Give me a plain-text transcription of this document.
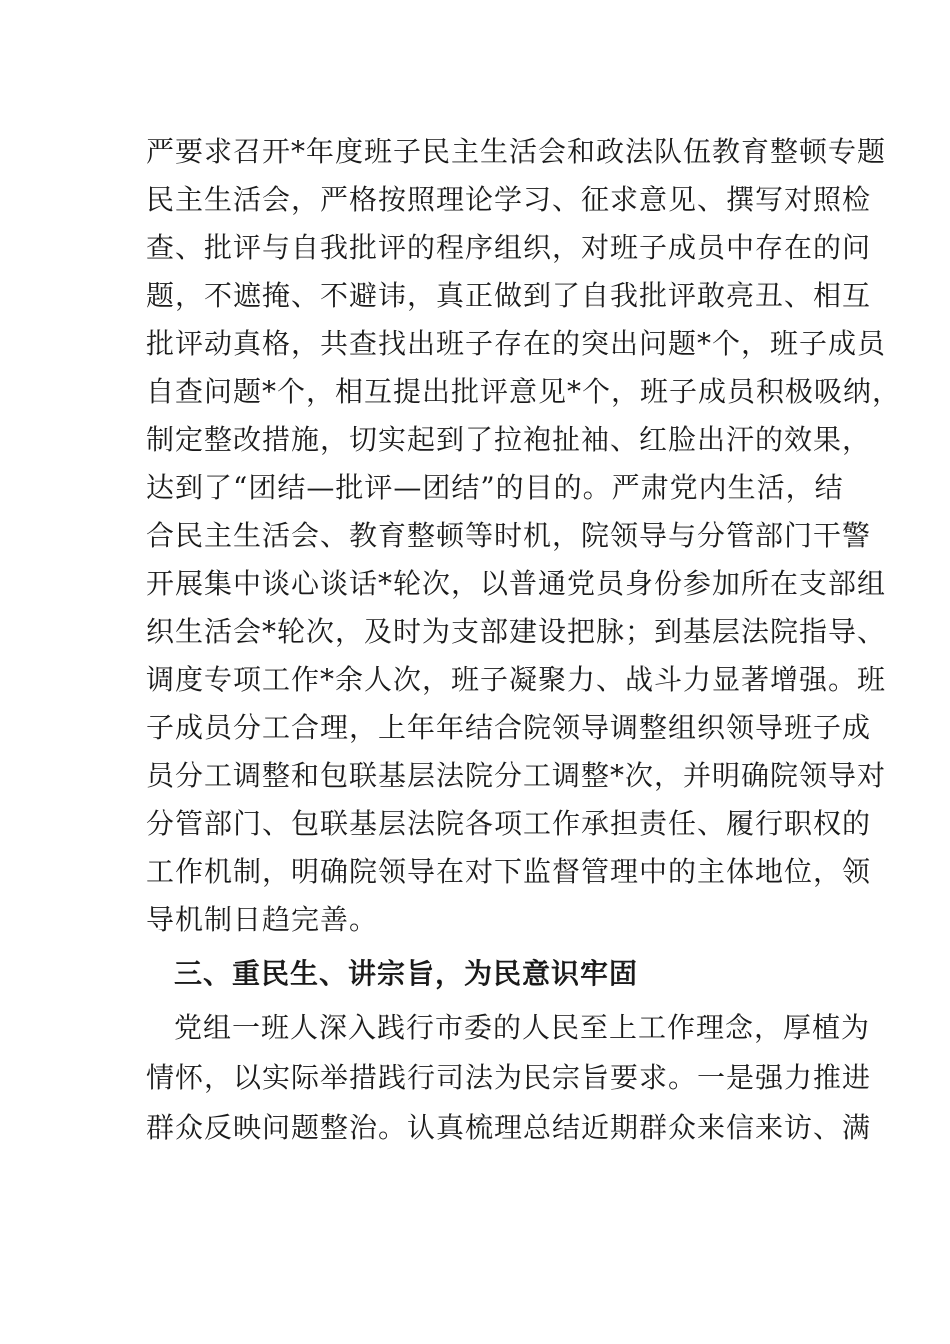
严要求召开*年度班子民主生活会和政法队伍教育整顿专题
民主生活会，严格按照理论学习、征求意见、撰写对照检
查、批评与自我批评的程序组织，对班子成员中存在的问
题，不遮掩、不避讳，真正做到了自我批评敢亮丑、相互
批评动真格，共查找出班子存在的突出问题*个，班子成员
自查问题*个，相互提出批评意见*个，班子成员积极吸纳，
制定整改措施，切实起到了拉袍扯袖、红脸出汗的效果，
达到了“团结—批评—团结”的目的。严肃党内生活，结
合民主生活会、教育整顿等时机，院领导与分管部门干警
开展集中谈心谈话*轮次，以普通党员身份参加所在支部组
织生活会*轮次，及时为支部建设把脉；到基层法院指导、
调度专项工作*余人次，班子凝聚力、战斗力显著增强。班
子成员分工合理，上年年结合院领导调整组织领导班子成
员分工调整和包联基层法院分工调整*次，并明确院领导对
分管部门、包联基层法院各项工作承担责任、履行职权的
工作机制，明确院领导在对下监督管理中的主体地位，领
导机制日趋完善。
三、重民生、讲宗旨，为民意识牢固
党组一班人深入践行市委的人民至上工作理念，厚植为
情怀，以实际举措践行司法为民宗旨要求。一是强力推进
群众反映问题整治。认真梳理总结近期群众来信来访、满
